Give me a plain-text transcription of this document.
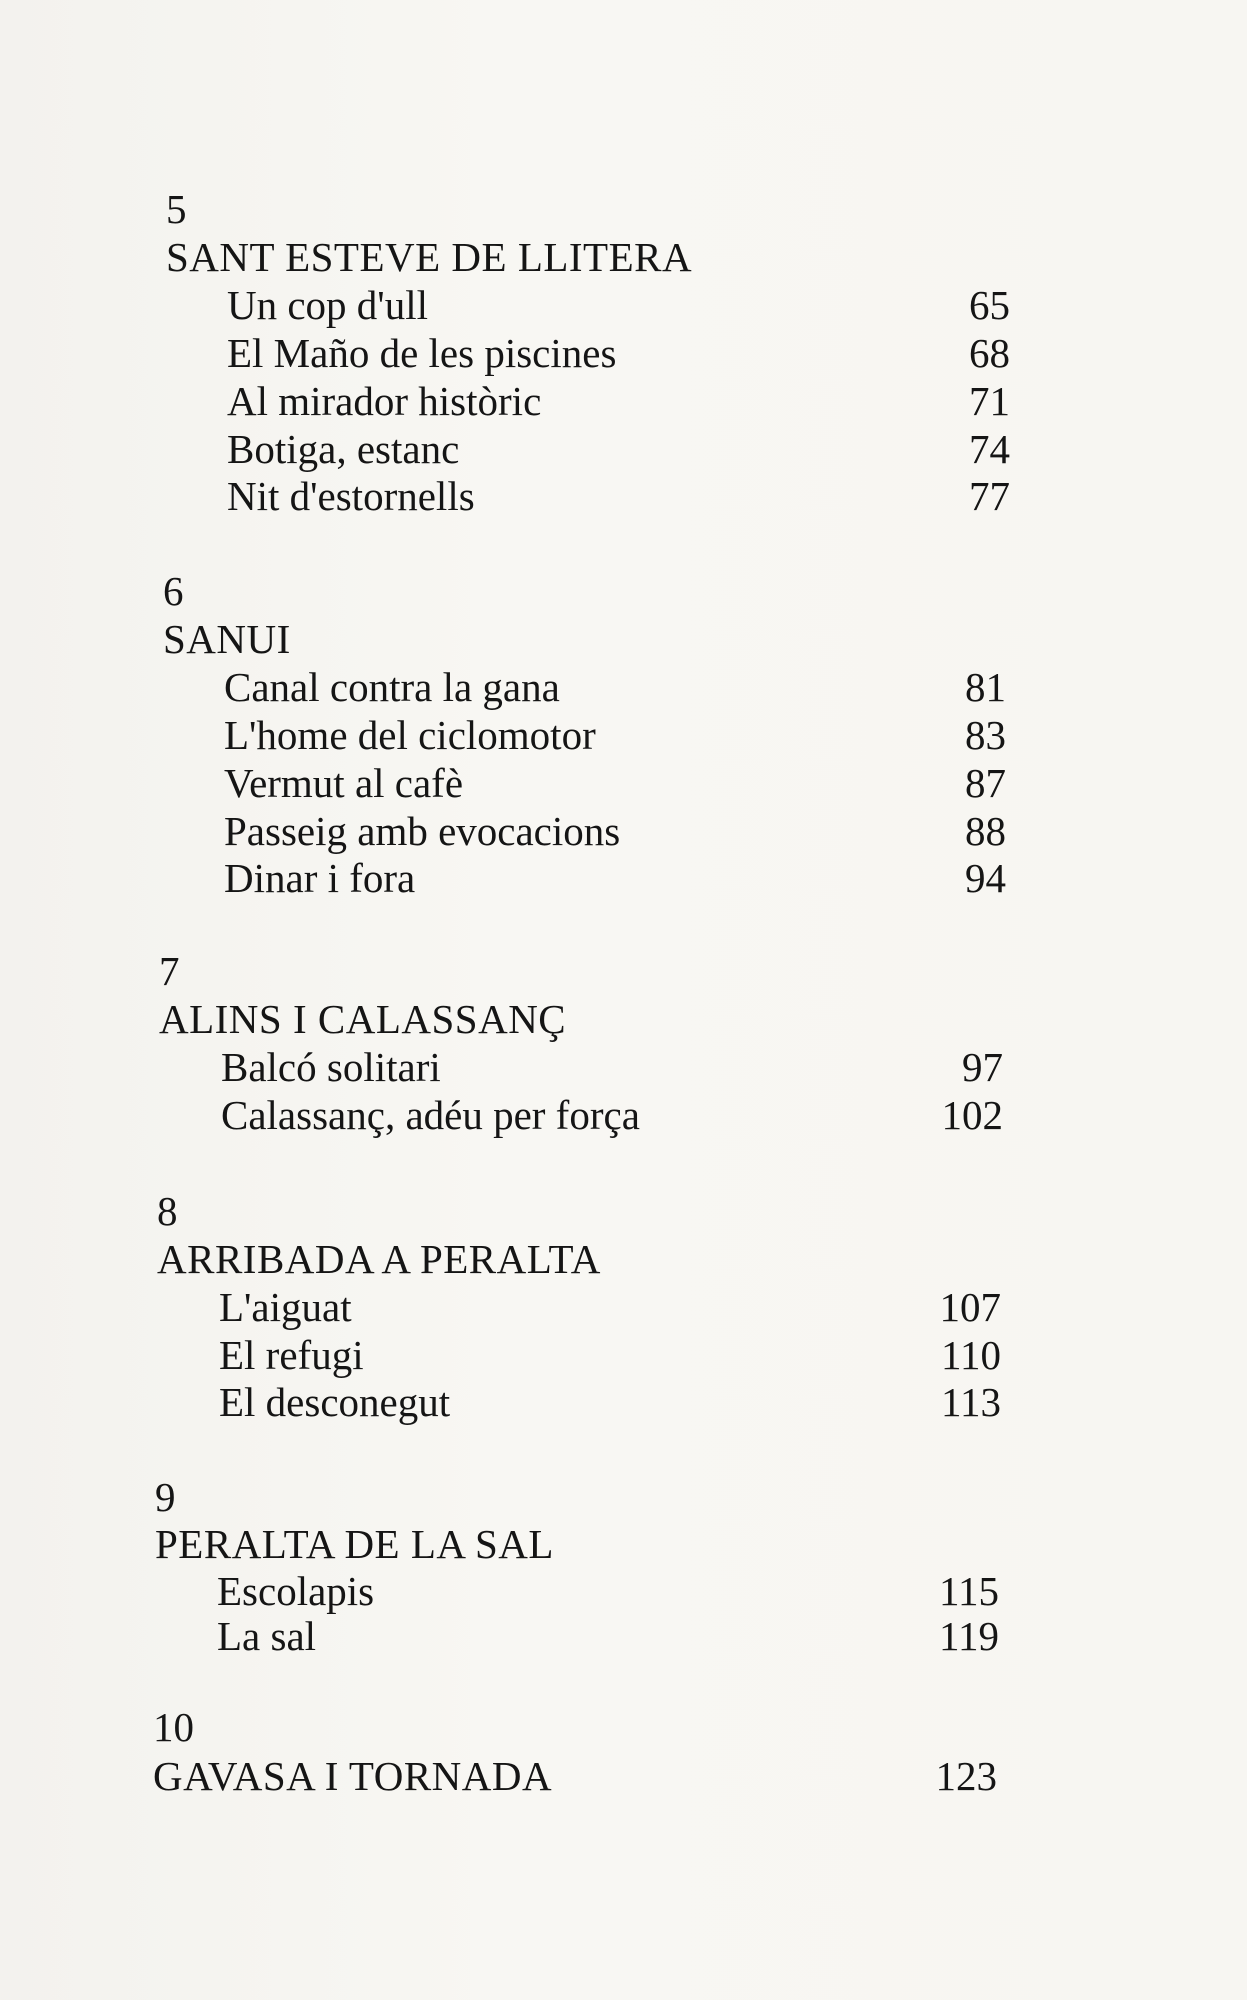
5
SANT ESTEVE DE LLITERA
Un cop d'ull	65
El Maño de les piscines	68
Al mirador històric	71
Botiga, estanc	74
Nit d'estornells	77
6
SANUI
Canal contra la gana	81
L'home del ciclomotor	83
Vermut al cafè	87
Passeig amb evocacions	88
Dinar i fora	94
7
ALINS I CALASSANÇ
Balcó solitari	97
Calassanç, adéu per força	102
8
ARRIBADA A PERALTA
L'aiguat	107
El refugi	110
El desconegut	113
9
PERALTA DE LA SAL
Escolapis	115
La sal	119
10
GAVASA I TORNADA	123
